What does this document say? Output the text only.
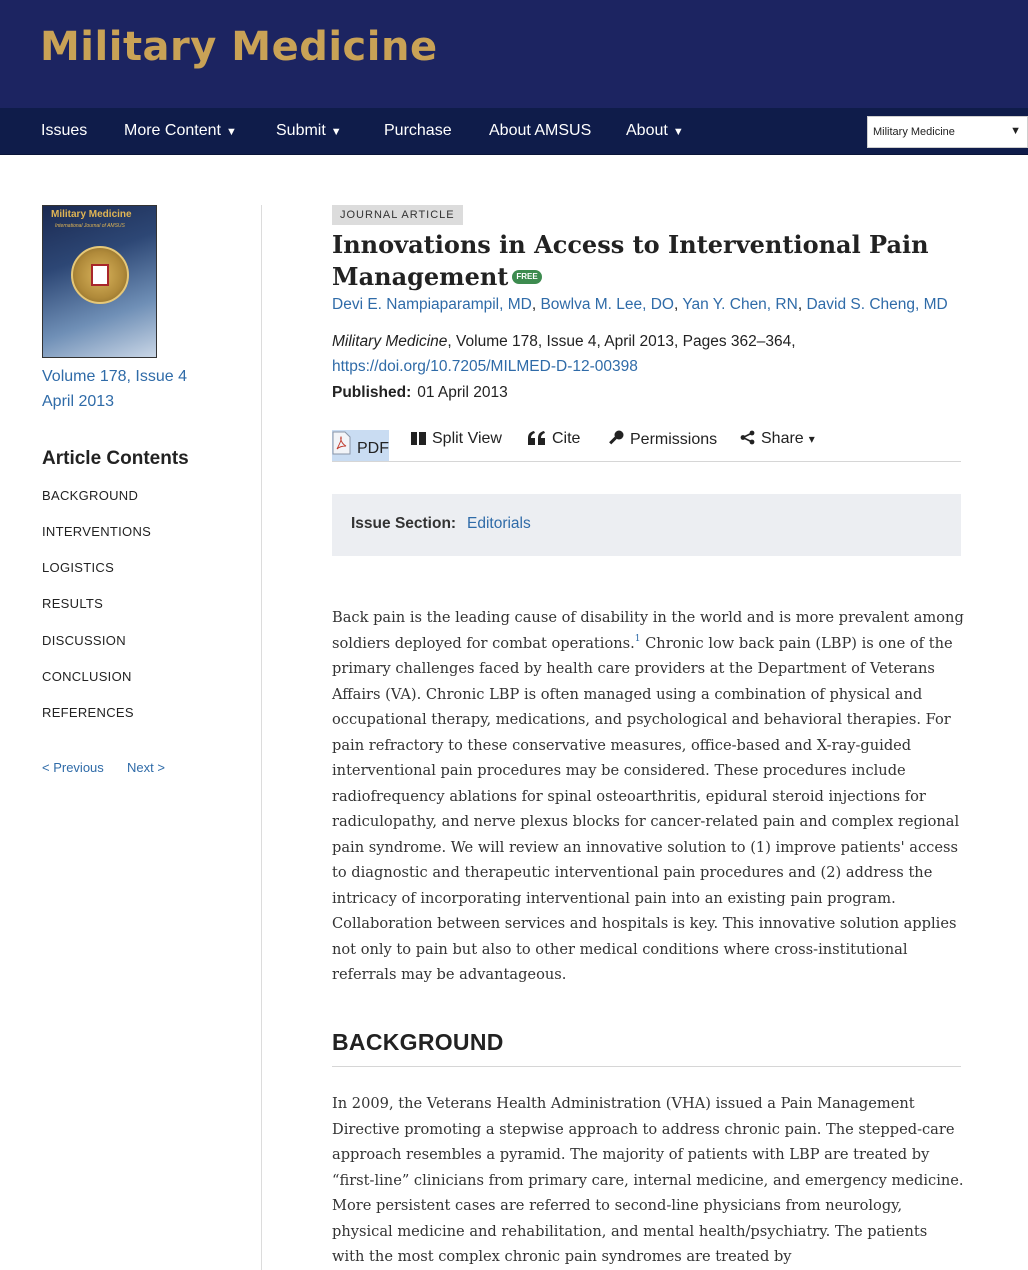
Military Medicine
Issues More Content ▼ Submit ▼	Purchase About AMSUS About ▼	Military Medicine	▼
Military Medicine
International Journal of AMSUS
Volume 178, Issue 4
April 2013
Article Contents
BACKGROUND
INTERVENTIONS
LOGISTICS
RESULTS
DISCUSSION
CONCLUSION
REFERENCES
< Previous Next >
JOURNAL ARTICLE
Innovations in Access to Interventional Pain Management FREE
Devi E. Nampiaparampil, MD, Bowlva M. Lee, DO, Yan Y. Chen, RN, David S. Cheng, MD
Military Medicine, Volume 178, Issue 4, April 2013, Pages 362–364,
https://doi.org/10.7205/MILMED-D-12-00398
Published: 01 April 2013
PDF
Split View	Cite	Permissions	Share ▾
Issue Section: Editorials
Back pain is the leading cause of disability in the world and is more prevalent among soldiers deployed for combat operations.$^1$ Chronic low back pain (LBP) is one of the primary challenges faced by health care providers at the Department of Veterans Affairs (VA). Chronic LBP is often managed using a combination of physical and occupational therapy, medications, and psychological and behavioral therapies. For pain refractory to these conservative measures, office-based and X-ray-guided interventional pain procedures may be considered. These procedures include radiofrequency ablations for spinal osteoarthritis, epidural steroid injections for radiculopathy, and nerve plexus blocks for cancer-related pain and complex regional pain syndrome. We will review an innovative solution to (1) improve patients' access to diagnostic and therapeutic interventional pain procedures and (2) address the intricacy of incorporating interventional pain into an existing pain program. Collaboration between services and hospitals is key. This innovative solution applies not only to pain but also to other medical conditions where cross-institutional referrals may be advantageous.
BACKGROUND
In 2009, the Veterans Health Administration (VHA) issued a Pain Management Directive promoting a stepwise approach to address chronic pain. The stepped-care approach resembles a pyramid. The majority of patients with LBP are treated by “first-line” clinicians from primary care, internal medicine, and emergency medicine. More persistent cases are referred to second-line physicians from neurology, physical medicine and rehabilitation, and mental health/psychiatry. The patients with the most complex chronic pain syndromes are treated by
